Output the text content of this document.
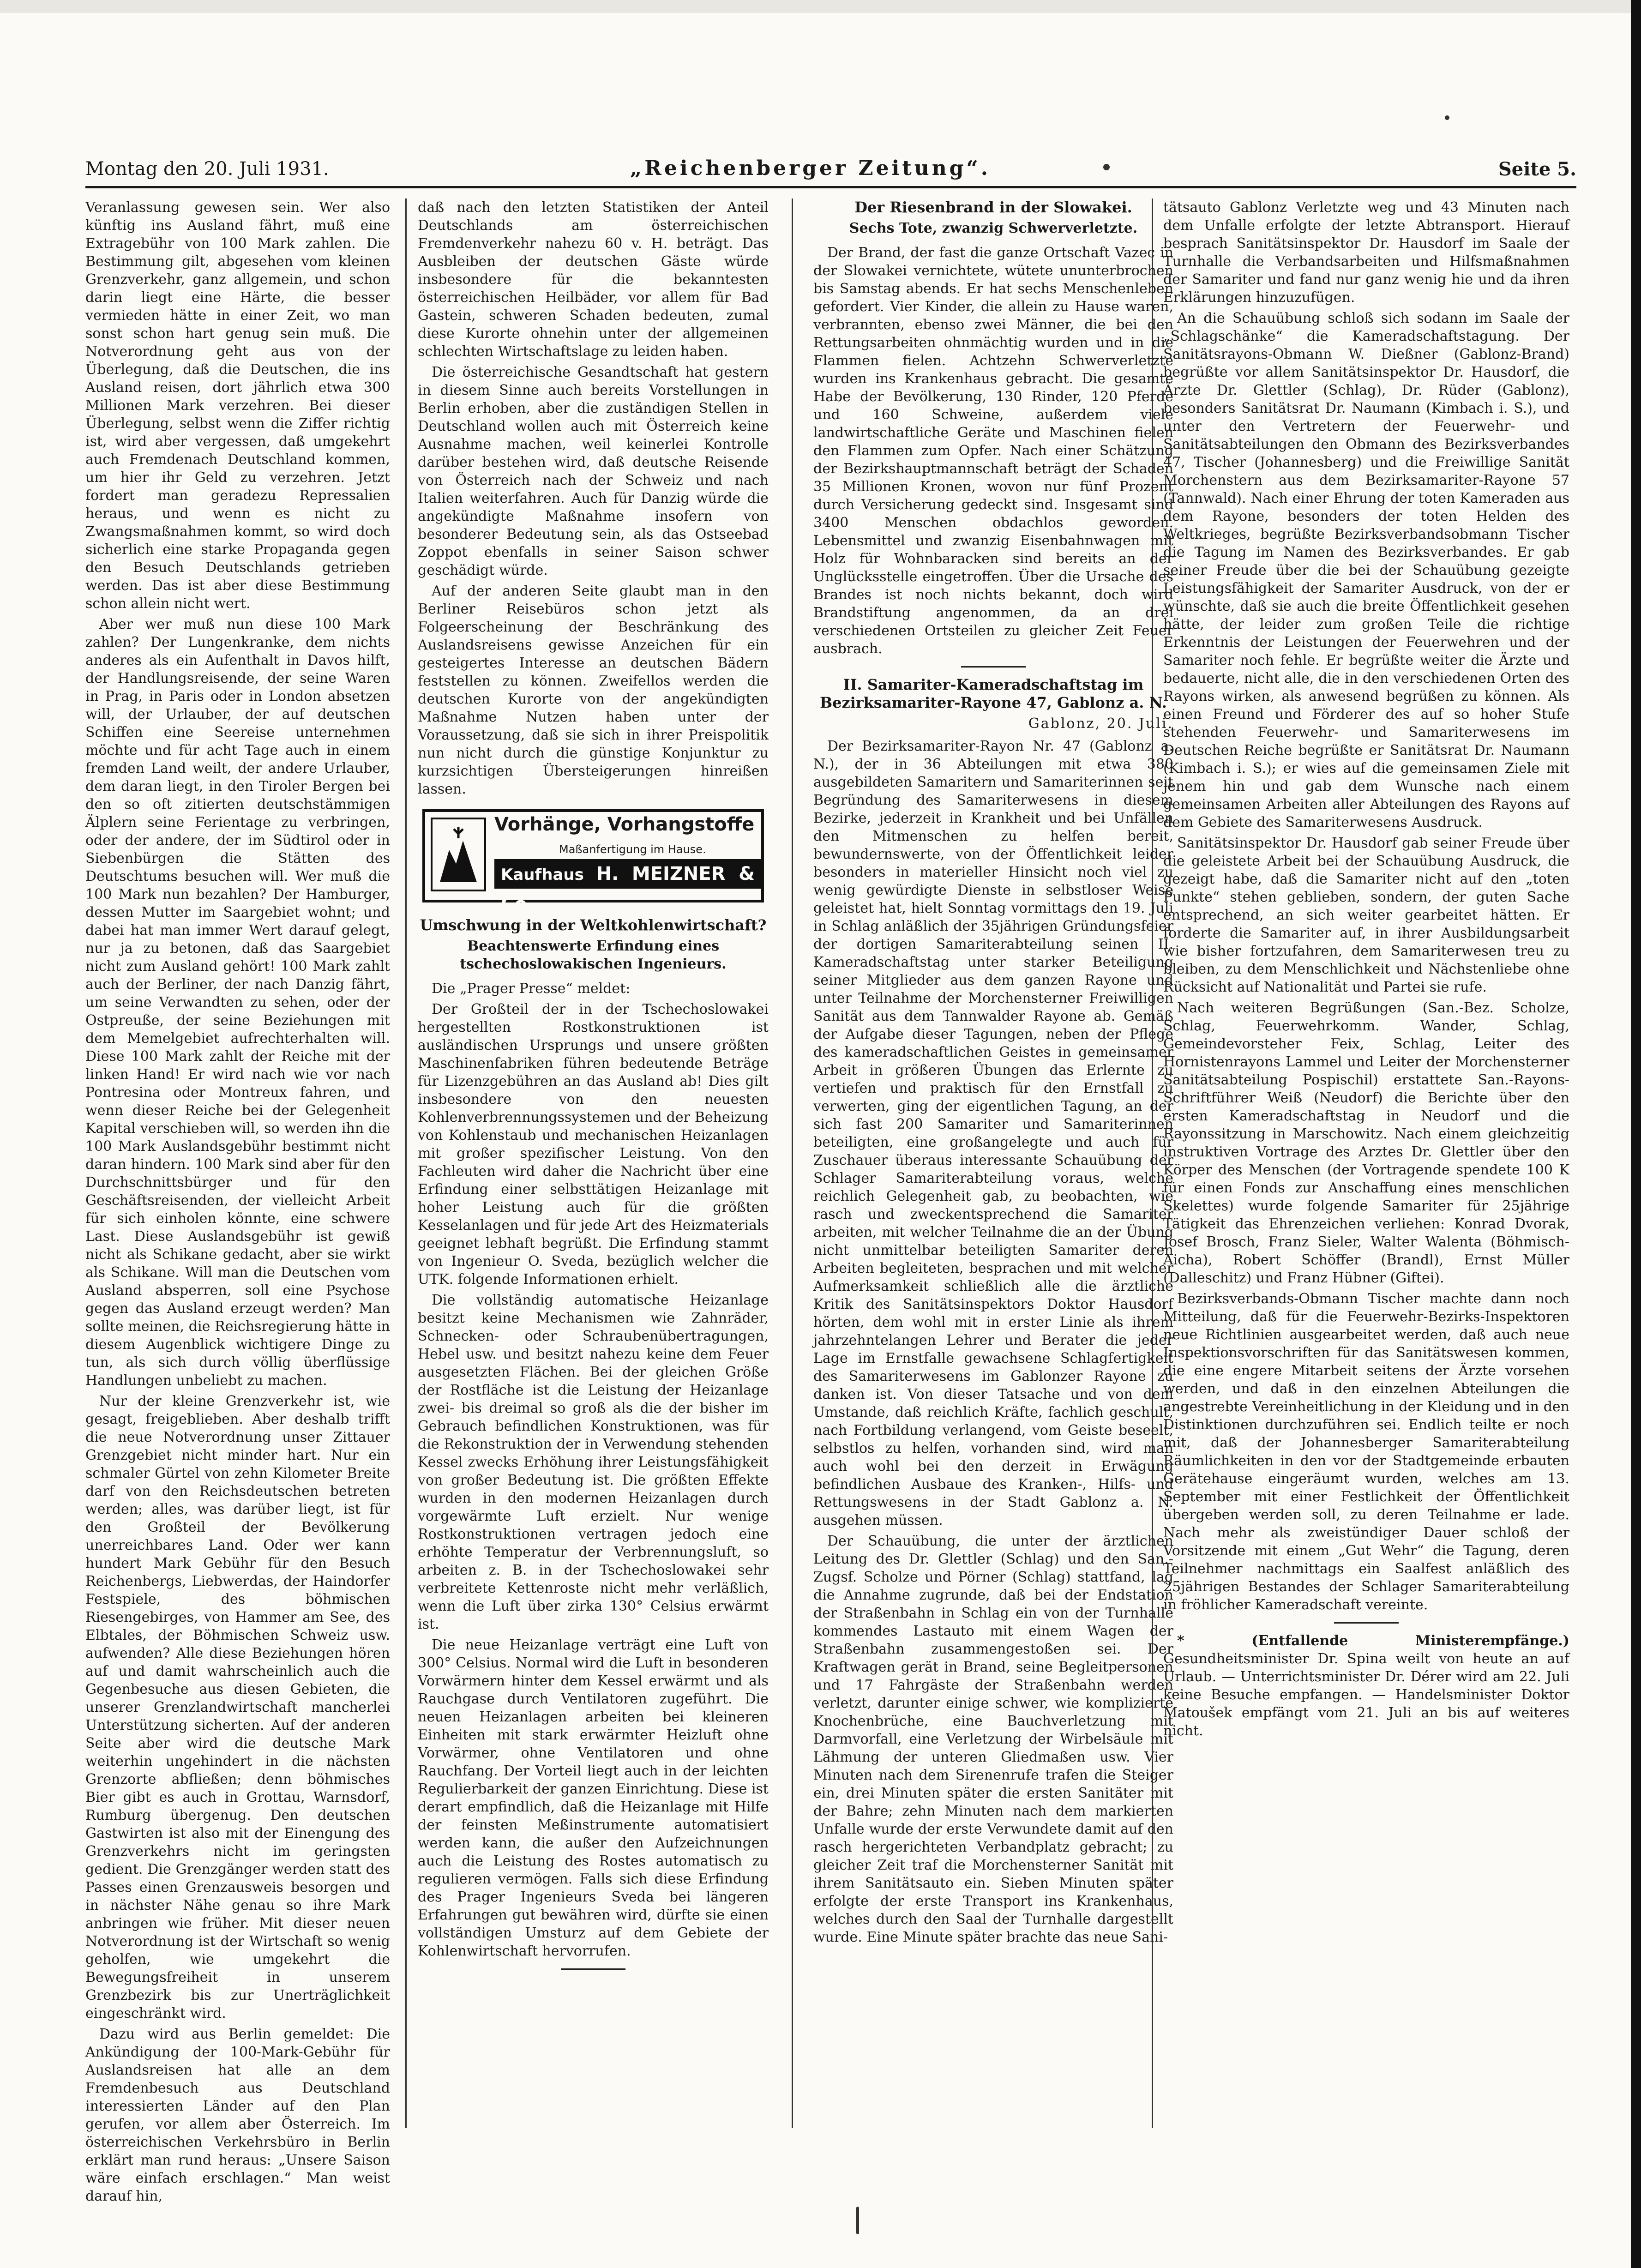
Montag den 20. Juli 1931.	„Reichenberger Zeitung“.	Seite 5.

Veranlassung gewesen sein. Wer also künftig ins Ausland fährt, muß eine Extragebühr von 100 Mark zahlen. Die Bestimmung gilt, abgesehen vom kleinen Grenzverkehr, ganz allgemein, und schon darin liegt eine Härte, die besser vermieden hätte in einer Zeit, wo man sonst schon hart genug sein muß. Die Notverordnung geht aus von der Überlegung, daß die Deutschen, die ins Ausland reisen, dort jährlich etwa 300 Millionen Mark verzehren. Bei dieser Überlegung, selbst wenn die Ziffer richtig ist, wird aber vergessen, daß umgekehrt auch Fremdenach Deutschland kommen, um hier ihr Geld zu verzehren. Jetzt fordert man geradezu Repressalien heraus, und wenn es nicht zu Zwangsmaßnahmen kommt, so wird doch sicherlich eine starke Propaganda gegen den Besuch Deutschlands getrieben werden. Das ist aber diese Bestimmung schon allein nicht wert.

Aber wer muß nun diese 100 Mark zahlen? Der Lungenkranke, dem nichts anderes als ein Aufenthalt in Davos hilft, der Handlungsreisende, der seine Waren in Prag, in Paris oder in London absetzen will, der Urlauber, der auf deutschen Schiffen eine Seereise unternehmen möchte und für acht Tage auch in einem fremden Land weilt, der andere Urlauber, dem daran liegt, in den Tiroler Bergen bei den so oft zitierten deutschstämmigen Älplern seine Ferientage zu verbringen, oder der andere, der im Südtirol oder in Siebenbürgen die Stätten des Deutschtums besuchen will. Wer muß die 100 Mark nun bezahlen? Der Hamburger, dessen Mutter im Saargebiet wohnt; und dabei hat man immer Wert darauf gelegt, nur ja zu betonen, daß das Saargebiet nicht zum Ausland gehört! 100 Mark zahlt auch der Berliner, der nach Danzig fährt, um seine Verwandten zu sehen, oder der Ostpreuße, der seine Beziehungen mit dem Memelgebiet aufrechterhalten will. Diese 100 Mark zahlt der Reiche mit der linken Hand! Er wird nach wie vor nach Pontresina oder Montreux fahren, und wenn dieser Reiche bei der Gelegenheit Kapital verschieben will, so werden ihn die 100 Mark Auslandsgebühr bestimmt nicht daran hindern. 100 Mark sind aber für den Durchschnittsbürger und für den Geschäftsreisenden, der vielleicht Arbeit für sich einholen könnte, eine schwere Last. Diese Auslandsgebühr ist gewiß nicht als Schikane gedacht, aber sie wirkt als Schikane. Will man die Deutschen vom Ausland absperren, soll eine Psychose gegen das Ausland erzeugt werden? Man sollte meinen, die Reichsregierung hätte in diesem Augenblick wichtigere Dinge zu tun, als sich durch völlig überflüssige Handlungen unbeliebt zu machen.

Nur der kleine Grenzverkehr ist, wie gesagt, freigeblieben. Aber deshalb trifft die neue Notverordnung unser Zittauer Grenzgebiet nicht minder hart. Nur ein schmaler Gürtel von zehn Kilometer Breite darf von den Reichsdeutschen betreten werden; alles, was darüber liegt, ist für den Großteil der Bevölkerung unerreichbares Land. Oder wer kann hundert Mark Gebühr für den Besuch Reichenbergs, Liebwerdas, der Haindorfer Festspiele, des böhmischen Riesengebirges, von Hammer am See, des Elbtales, der Böhmischen Schweiz usw. aufwenden? Alle diese Beziehungen hören auf und damit wahrscheinlich auch die Gegenbesuche aus diesen Gebieten, die unserer Grenzlandwirtschaft mancherlei Unterstützung sicherten. Auf der anderen Seite aber wird die deutsche Mark weiterhin ungehindert in die nächsten Grenzorte abfließen; denn böhmisches Bier gibt es auch in Grottau, Warnsdorf, Rumburg übergenug. Den deutschen Gastwirten ist also mit der Einengung des Grenzverkehrs nicht im geringsten gedient. Die Grenzgänger werden statt des Passes einen Grenzausweis besorgen und in nächster Nähe genau so ihre Mark anbringen wie früher. Mit dieser neuen Notverordnung ist der Wirtschaft so wenig geholfen, wie umgekehrt die Bewegungsfreiheit in unserem Grenzbezirk bis zur Unerträglichkeit eingeschränkt wird.

Dazu wird aus Berlin gemeldet: Die Ankündigung der 100-Mark-Gebühr für Auslandsreisen hat alle an dem Fremdenbesuch aus Deutschland interessierten Länder auf den Plan gerufen, vor allem aber Österreich. Im österreichischen Verkehrsbüro in Berlin erklärt man rund heraus: „Unsere Saison wäre einfach erschlagen.“ Man weist darauf hin,

daß nach den letzten Statistiken der Anteil Deutschlands am österreichischen Fremdenverkehr nahezu 60 v. H. beträgt. Das Ausbleiben der deutschen Gäste würde insbesondere für die bekanntesten österreichischen Heilbäder, vor allem für Bad Gastein, schweren Schaden bedeuten, zumal diese Kurorte ohnehin unter der allgemeinen schlechten Wirtschaftslage zu leiden haben.

Die österreichische Gesandtschaft hat gestern in diesem Sinne auch bereits Vorstellungen in Berlin erhoben, aber die zuständigen Stellen in Deutschland wollen auch mit Österreich keine Ausnahme machen, weil keinerlei Kontrolle darüber bestehen wird, daß deutsche Reisende von Österreich nach der Schweiz und nach Italien weiterfahren. Auch für Danzig würde die angekündigte Maßnahme insofern von besonderer Bedeutung sein, als das Ostseebad Zoppot ebenfalls in seiner Saison schwer geschädigt würde.

Auf der anderen Seite glaubt man in den Berliner Reisebüros schon jetzt als Folgeerscheinung der Beschränkung des Auslandsreisens gewisse Anzeichen für ein gesteigertes Interesse an deutschen Bädern feststellen zu können. Zweifellos werden die deutschen Kurorte von der angekündigten Maßnahme Nutzen haben unter der Voraussetzung, daß sie sich in ihrer Preispolitik nun nicht durch die günstige Konjunktur zu kurzsichtigen Übersteigerungen hinreißen lassen.

Vorhänge, Vorhangstoffe
Maßanfertigung im Hause.
Kaufhaus H. MEIZNER & Co.
Umschwung in der Weltkohlenwirtschaft?
Beachtenswerte Erfindung eines tschechoslowakischen Ingenieurs.

Die „Prager Presse“ meldet:

Der Großteil der in der Tschechoslowakei hergestellten Rostkonstruktionen ist ausländischen Ursprungs und unsere größten Maschinenfabriken führen bedeutende Beträge für Lizenzgebühren an das Ausland ab! Dies gilt insbesondere von den neuesten Kohlenverbrennungssystemen und der Beheizung von Kohlenstaub und mechanischen Heizanlagen mit großer spezifischer Leistung. Von den Fachleuten wird daher die Nachricht über eine Erfindung einer selbsttätigen Heizanlage mit hoher Leistung auch für die größten Kesselanlagen und für jede Art des Heizmaterials geeignet lebhaft begrüßt. Die Erfindung stammt von Ingenieur O. Sveda, bezüglich welcher die UTK. folgende Informationen erhielt.

Die vollständig automatische Heizanlage besitzt keine Mechanismen wie Zahnräder, Schnecken- oder Schraubenübertragungen, Hebel usw. und besitzt nahezu keine dem Feuer ausgesetzten Flächen. Bei der gleichen Größe der Rostfläche ist die Leistung der Heizanlage zwei- bis dreimal so groß als die der bisher im Gebrauch befindlichen Konstruktionen, was für die Rekonstruktion der in Verwendung stehenden Kessel zwecks Erhöhung ihrer Leistungsfähigkeit von großer Bedeutung ist. Die größten Effekte wurden in den modernen Heizanlagen durch vorgewärmte Luft erzielt. Nur wenige Rostkonstruktionen vertragen jedoch eine erhöhte Temperatur der Verbrennungsluft, so arbeiten z. B. in der Tschechoslowakei sehr verbreitete Kettenroste nicht mehr verläßlich, wenn die Luft über zirka 130° Celsius erwärmt ist.

Die neue Heizanlage verträgt eine Luft von 300° Celsius. Normal wird die Luft in besonderen Vorwärmern hinter dem Kessel erwärmt und als Rauchgase durch Ventilatoren zugeführt. Die neuen Heizanlagen arbeiten bei kleineren Einheiten mit stark erwärmter Heizluft ohne Vorwärmer, ohne Ventilatoren und ohne Rauchfang. Der Vorteil liegt auch in der leichten Regulierbarkeit der ganzen Einrichtung. Diese ist derart empfindlich, daß die Heizanlage mit Hilfe der feinsten Meßinstrumente automatisiert werden kann, die außer den Aufzeichnungen auch die Leistung des Rostes automatisch zu regulieren vermögen. Falls sich diese Erfindung des Prager Ingenieurs Sveda bei längeren Erfahrungen gut bewähren wird, dürfte sie einen vollständigen Umsturz auf dem Gebiete der Kohlenwirtschaft hervorrufen.

Der Riesenbrand in der Slowakei.
Sechs Tote, zwanzig Schwerverletzte.

Der Brand, der fast die ganze Ortschaft Vazec in der Slowakei vernichtete, wütete ununterbrochen bis Samstag abends. Er hat sechs Menschenleben gefordert. Vier Kinder, die allein zu Hause waren, verbrannten, ebenso zwei Männer, die bei den Rettungsarbeiten ohnmächtig wurden und in die Flammen fielen. Achtzehn Schwerverletzte wurden ins Krankenhaus gebracht. Die gesamte Habe der Bevölkerung, 130 Rinder, 120 Pferde und 160 Schweine, außerdem viele landwirtschaftliche Geräte und Maschinen fielen den Flammen zum Opfer. Nach einer Schätzung der Bezirkshauptmannschaft beträgt der Schaden 35 Millionen Kronen, wovon nur fünf Prozent durch Versicherung gedeckt sind. Insgesamt sind 3400 Menschen obdachlos geworden. Lebensmittel und zwanzig Eisenbahnwagen mit Holz für Wohnbaracken sind bereits an der Unglücksstelle eingetroffen. Über die Ursache des Brandes ist noch nichts bekannt, doch wird Brandstiftung angenommen, da an drei verschiedenen Ortsteilen zu gleicher Zeit Feuer ausbrach.

II. Samariter-Kameradschaftstag im Bezirksamariter-Rayone 47, Gablonz a. N.
Gablonz, 20. Juli.

Der Bezirksamariter-Rayon Nr. 47 (Gablonz a. N.), der in 36 Abteilungen mit etwa 380 ausgebildeten Samaritern und Samariterinnen seit Begründung des Samariterwesens in diesem Bezirke, jederzeit in Krankheit und bei Unfällen den Mitmenschen zu helfen bereit, bewundernswerte, von der Öffentlichkeit leider besonders in materieller Hinsicht noch viel zu wenig gewürdigte Dienste in selbstloser Weise geleistet hat, hielt Sonntag vormittags den 19. Juli in Schlag anläßlich der 35jährigen Gründungsfeier der dortigen Samariterabteilung seinen II. Kameradschaftstag unter starker Beteiligung seiner Mitglieder aus dem ganzen Rayone und unter Teilnahme der Morchensterner Freiwilligen Sanität aus dem Tannwalder Rayone ab. Gemäß der Aufgabe dieser Tagungen, neben der Pflege des kameradschaftlichen Geistes in gemeinsamer Arbeit in größeren Übungen das Erlernte zu vertiefen und praktisch für den Ernstfall zu verwerten, ging der eigentlichen Tagung, an der sich fast 200 Samariter und Samariterinnen beteiligten, eine großangelegte und auch für Zuschauer überaus interessante Schauübung der Schlager Samariterabteilung voraus, welche reichlich Gelegenheit gab, zu beobachten, wie rasch und zweckentsprechend die Samariter arbeiten, mit welcher Teilnahme die an der Übung nicht unmittelbar beteiligten Samariter deren Arbeiten begleiteten, besprachen und mit welcher Aufmerksamkeit schließlich alle die ärztliche Kritik des Sanitätsinspektors Doktor Hausdorf hörten, dem wohl mit in erster Linie als ihrem jahrzehntelangen Lehrer und Berater die jeder Lage im Ernstfalle gewachsene Schlagfertigkeit des Samariterwesens im Gablonzer Rayone zu danken ist. Von dieser Tatsache und von dem Umstande, daß reichlich Kräfte, fachlich geschult, nach Fortbildung verlangend, vom Geiste beseelt, selbstlos zu helfen, vorhanden sind, wird man auch wohl bei den derzeit in Erwägung befindlichen Ausbaue des Kranken-, Hilfs- und Rettungswesens in der Stadt Gablonz a. N. ausgehen müssen.

Der Schauübung, die unter der ärztlichen Leitung des Dr. Glettler (Schlag) und den San.-Zugsf. Scholze und Pörner (Schlag) stattfand, lag die Annahme zugrunde, daß bei der Endstation der Straßenbahn in Schlag ein von der Turnhalle kommendes Lastauto mit einem Wagen der Straßenbahn zusammengestoßen sei. Der Kraftwagen gerät in Brand, seine Begleitpersonen und 17 Fahrgäste der Straßenbahn werden verletzt, darunter einige schwer, wie komplizierte Knochenbrüche, eine Bauchverletzung mit Darmvorfall, eine Verletzung der Wirbelsäule mit Lähmung der unteren Gliedmaßen usw. Vier Minuten nach dem Sirenenrufe trafen die Steiger ein, drei Minuten später die ersten Sanitäter mit der Bahre; zehn Minuten nach dem markierten Unfalle wurde der erste Verwundete damit auf den rasch hergerichteten Verbandplatz gebracht; zu gleicher Zeit traf die Morchensterner Sanität mit ihrem Sanitätsauto ein. Sieben Minuten später erfolgte der erste Transport ins Krankenhaus, welches durch den Saal der Turnhalle dargestellt wurde. Eine Minute später brachte das neue Sani-

tätsauto Gablonz Verletzte weg und 43 Minuten nach dem Unfalle erfolgte der letzte Abtransport. Hierauf besprach Sanitätsinspektor Dr. Hausdorf im Saale der Turnhalle die Verbandsarbeiten und Hilfsmaßnahmen der Samariter und fand nur ganz wenig hie und da ihren Erklärungen hinzuzufügen.

An die Schauübung schloß sich sodann im Saale der „Schlagschänke“ die Kameradschaftstagung. Der Sanitätsrayons-Obmann W. Dießner (Gablonz-Brand) begrüßte vor allem Sanitätsinspektor Dr. Hausdorf, die Ärzte Dr. Glettler (Schlag), Dr. Rüder (Gablonz), besonders Sanitätsrat Dr. Naumann (Kimbach i. S.), und unter den Vertretern der Feuerwehr- und Sanitätsabteilungen den Obmann des Bezirksverbandes 47, Tischer (Johannesberg) und die Freiwillige Sanität Morchenstern aus dem Bezirksamariter-Rayone 57 (Tannwald). Nach einer Ehrung der toten Kameraden aus dem Rayone, besonders der toten Helden des Weltkrieges, begrüßte Bezirksverbandsobmann Tischer die Tagung im Namen des Bezirksverbandes. Er gab seiner Freude über die bei der Schauübung gezeigte Leistungsfähigkeit der Samariter Ausdruck, von der er wünschte, daß sie auch die breite Öffentlichkeit gesehen hätte, der leider zum großen Teile die richtige Erkenntnis der Leistungen der Feuerwehren und der Samariter noch fehle. Er begrüßte weiter die Ärzte und bedauerte, nicht alle, die in den verschiedenen Orten des Rayons wirken, als anwesend begrüßen zu können. Als einen Freund und Förderer des auf so hoher Stufe stehenden Feuerwehr- und Samariterwesens im Deutschen Reiche begrüßte er Sanitätsrat Dr. Naumann (Kimbach i. S.); er wies auf die gemeinsamen Ziele mit jenem hin und gab dem Wunsche nach einem gemeinsamen Arbeiten aller Abteilungen des Rayons auf dem Gebiete des Samariterwesens Ausdruck.

Sanitätsinspektor Dr. Hausdorf gab seiner Freude über die geleistete Arbeit bei der Schauübung Ausdruck, die gezeigt habe, daß die Samariter nicht auf den „toten Punkte“ stehen geblieben, sondern, der guten Sache entsprechend, an sich weiter gearbeitet hätten. Er forderte die Samariter auf, in ihrer Ausbildungsarbeit wie bisher fortzufahren, dem Samariterwesen treu zu bleiben, zu dem Menschlichkeit und Nächstenliebe ohne Rücksicht auf Nationalität und Partei sie rufe.

Nach weiteren Begrüßungen (San.-Bez. Scholze, Schlag, Feuerwehrkomm. Wander, Schlag, Gemeindevorsteher Feix, Schlag, Leiter des Hornistenrayons Lammel und Leiter der Morchensterner Sanitätsabteilung Pospischil) erstattete San.-Rayons-Schriftführer Weiß (Neudorf) die Berichte über den ersten Kameradschaftstag in Neudorf und die Rayonssitzung in Marschowitz. Nach einem gleichzeitig instruktiven Vortrage des Arztes Dr. Glettler über den Körper des Menschen (der Vortragende spendete 100 K für einen Fonds zur Anschaffung eines menschlichen Skelettes) wurde folgende Samariter für 25jährige Tätigkeit das Ehrenzeichen verliehen: Konrad Dvorak, Josef Brosch, Franz Sieler, Walter Walenta (Böhmisch-Aicha), Robert Schöffer (Brandl), Ernst Müller (Dalleschitz) und Franz Hübner (Giftei).

Bezirksverbands-Obmann Tischer machte dann noch Mitteilung, daß für die Feuerwehr-Bezirks-Inspektoren neue Richtlinien ausgearbeitet werden, daß auch neue Inspektionsvorschriften für das Sanitätswesen kommen, die eine engere Mitarbeit seitens der Ärzte vorsehen werden, und daß in den einzelnen Abteilungen die angestrebte Vereinheitlichung in der Kleidung und in den Distinktionen durchzuführen sei. Endlich teilte er noch mit, daß der Johannesberger Samariterabteilung Räumlichkeiten in den vor der Stadtgemeinde erbauten Gerätehause eingeräumt wurden, welches am 13. September mit einer Festlichkeit der Öffentlichkeit übergeben werden soll, zu deren Teilnahme er lade. Nach mehr als zweistündiger Dauer schloß der Vorsitzende mit einem „Gut Wehr“ die Tagung, deren Teilnehmer nachmittags ein Saalfest anläßlich des 25jährigen Bestandes der Schlager Samariterabteilung in fröhlicher Kameradschaft vereinte.

* (Entfallende Ministerempfänge.) Gesundheitsminister Dr. Spina weilt von heute an auf Urlaub. — Unterrichtsminister Dr. Dérer wird am 22. Juli keine Besuche empfangen. — Handelsminister Doktor Matoušek empfängt vom 21. Juli an bis auf weiteres nicht.
